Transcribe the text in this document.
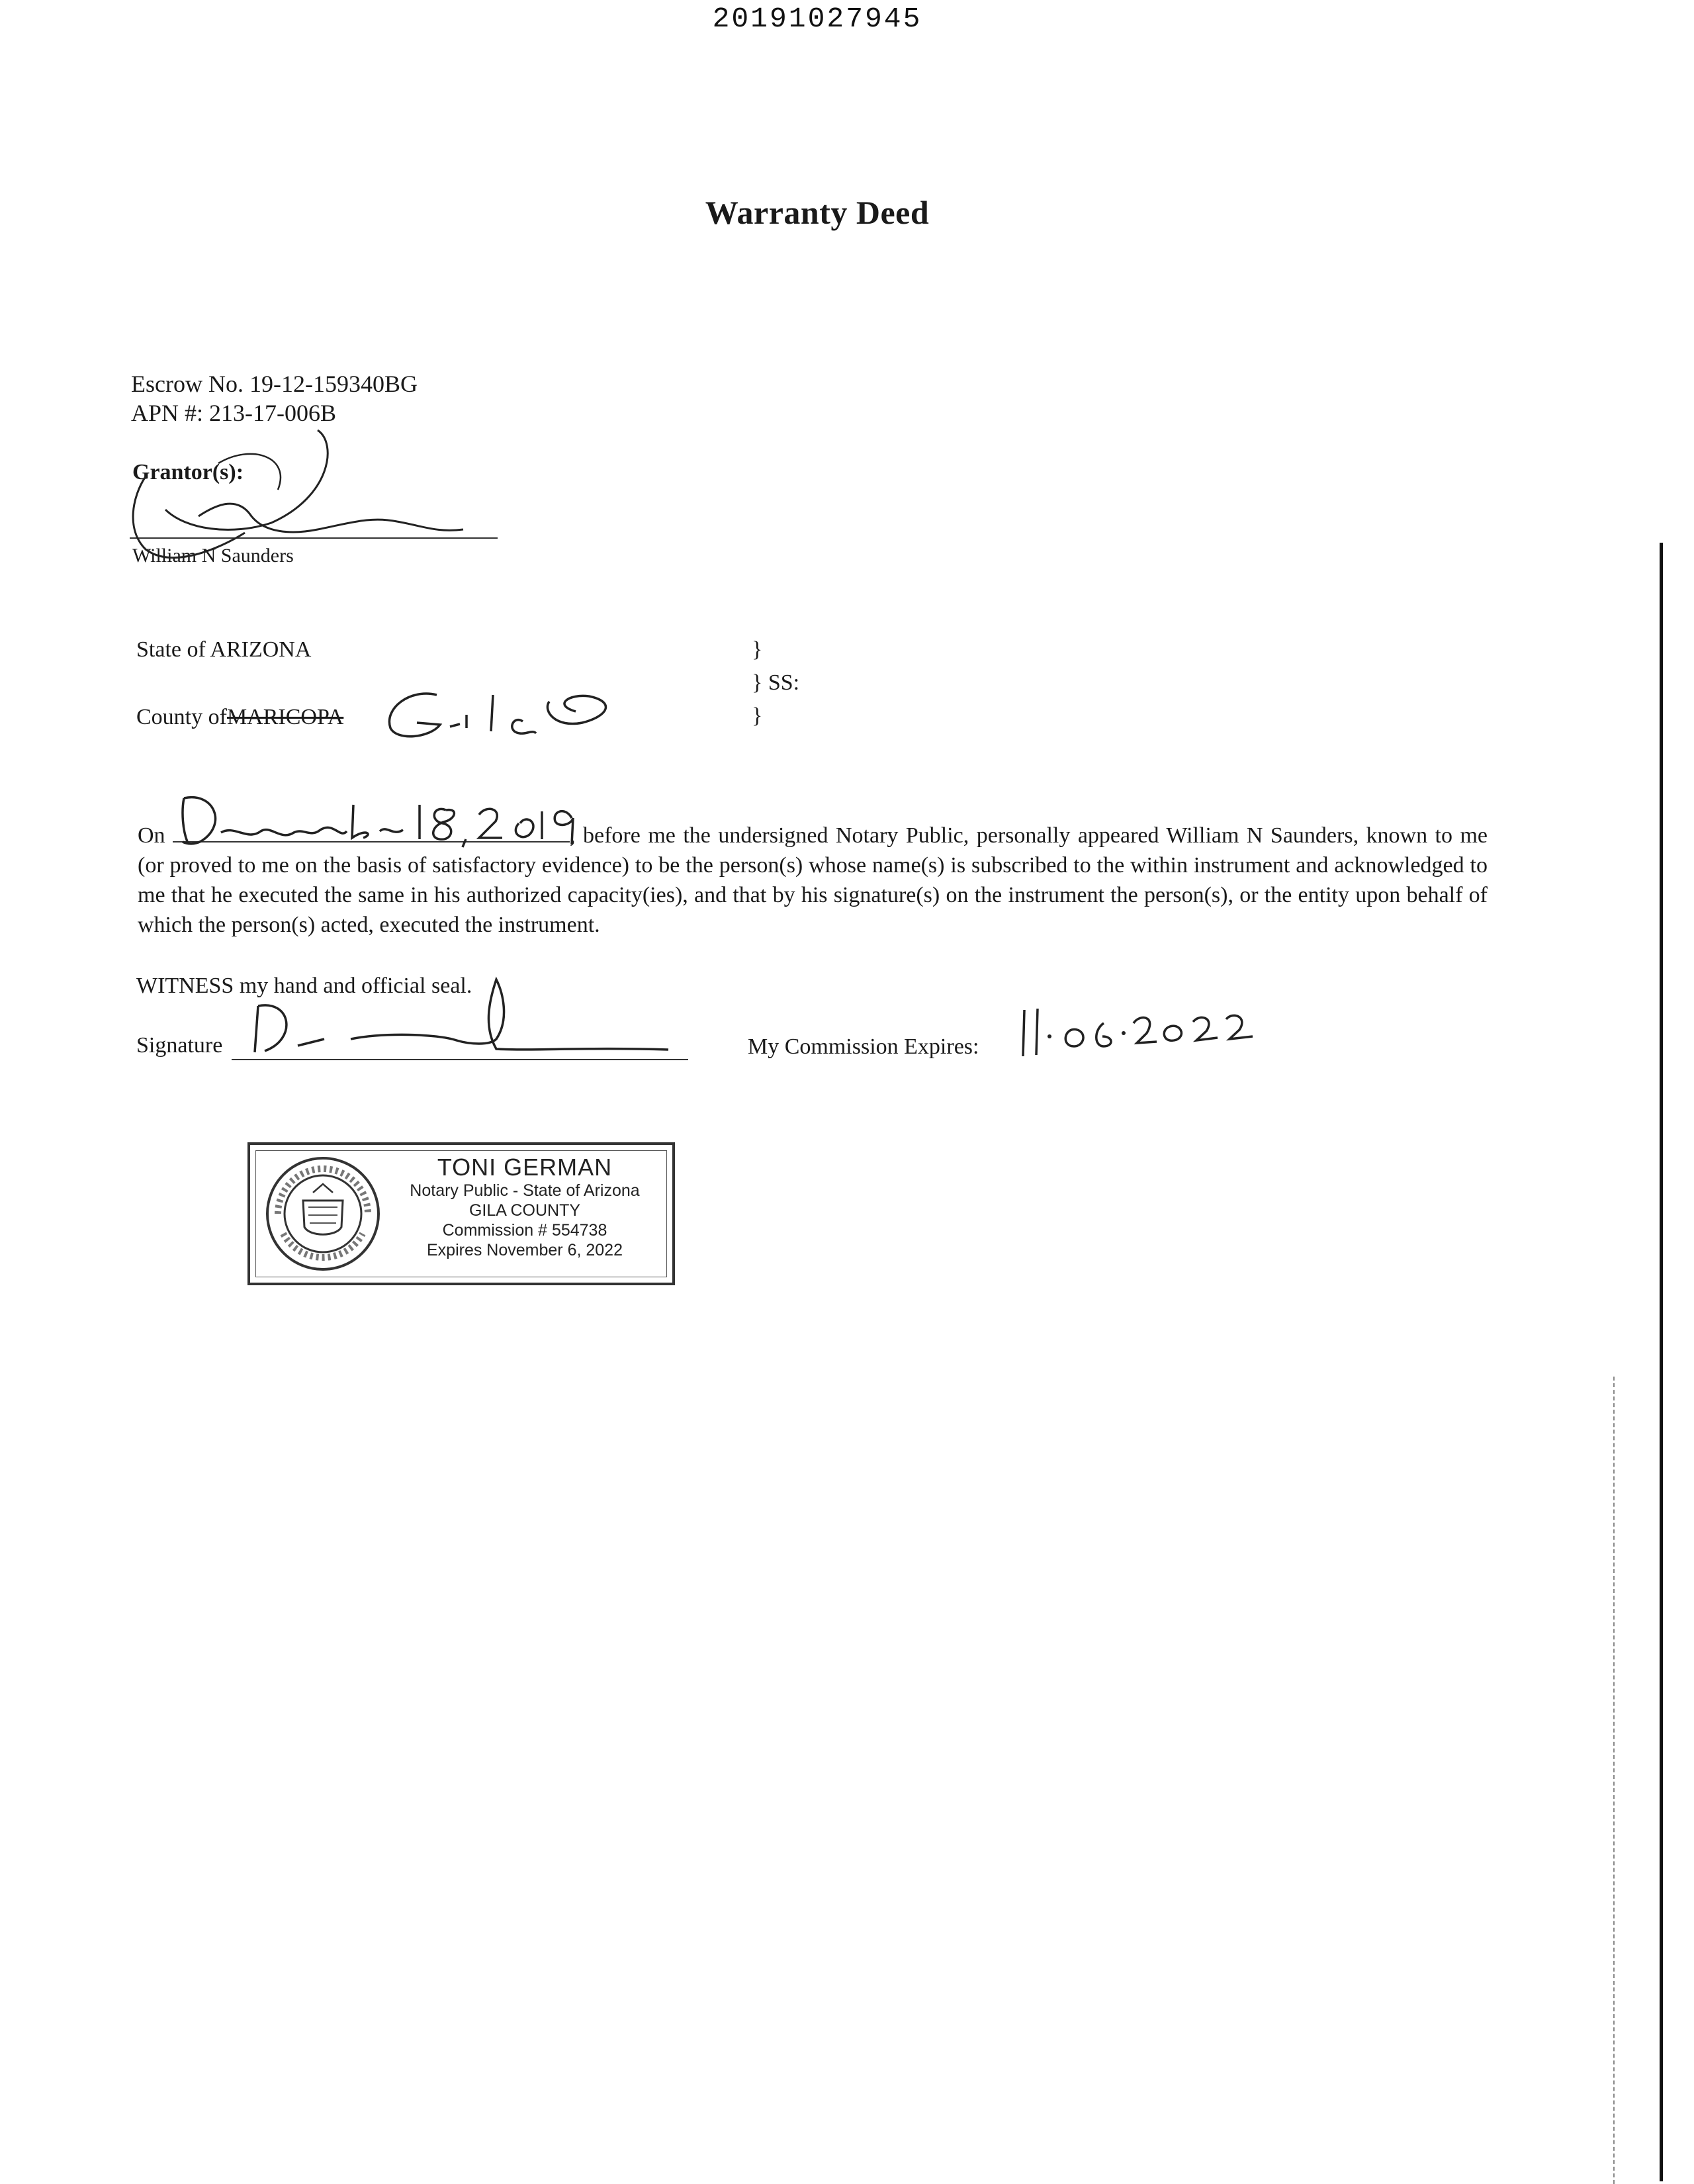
20191027945
Warranty Deed
Escrow No. 19-12-159340BG
APN #: 213-17-006B
Grantor(s):
William N Saunders
State of ARIZONA
County ofMARICOPA
}
} SS:
}
On	, before me the undersigned Notary Public, personally appeared William N Saunders, known to me (or proved to me on the basis of satisfactory evidence) to be the person(s) whose name(s) is subscribed to the within instrument and acknowledged to me that he executed the same in his authorized capacity(ies), and that by his signature(s) on the instrument the person(s), or the entity upon behalf of which the person(s) acted, executed the instrument.
WITNESS my hand and official seal.
Signature	My Commission Expires:
TONI GERMAN
Notary Public - State of Arizona
GILA COUNTY
Commission # 554738
Expires November 6, 2022
